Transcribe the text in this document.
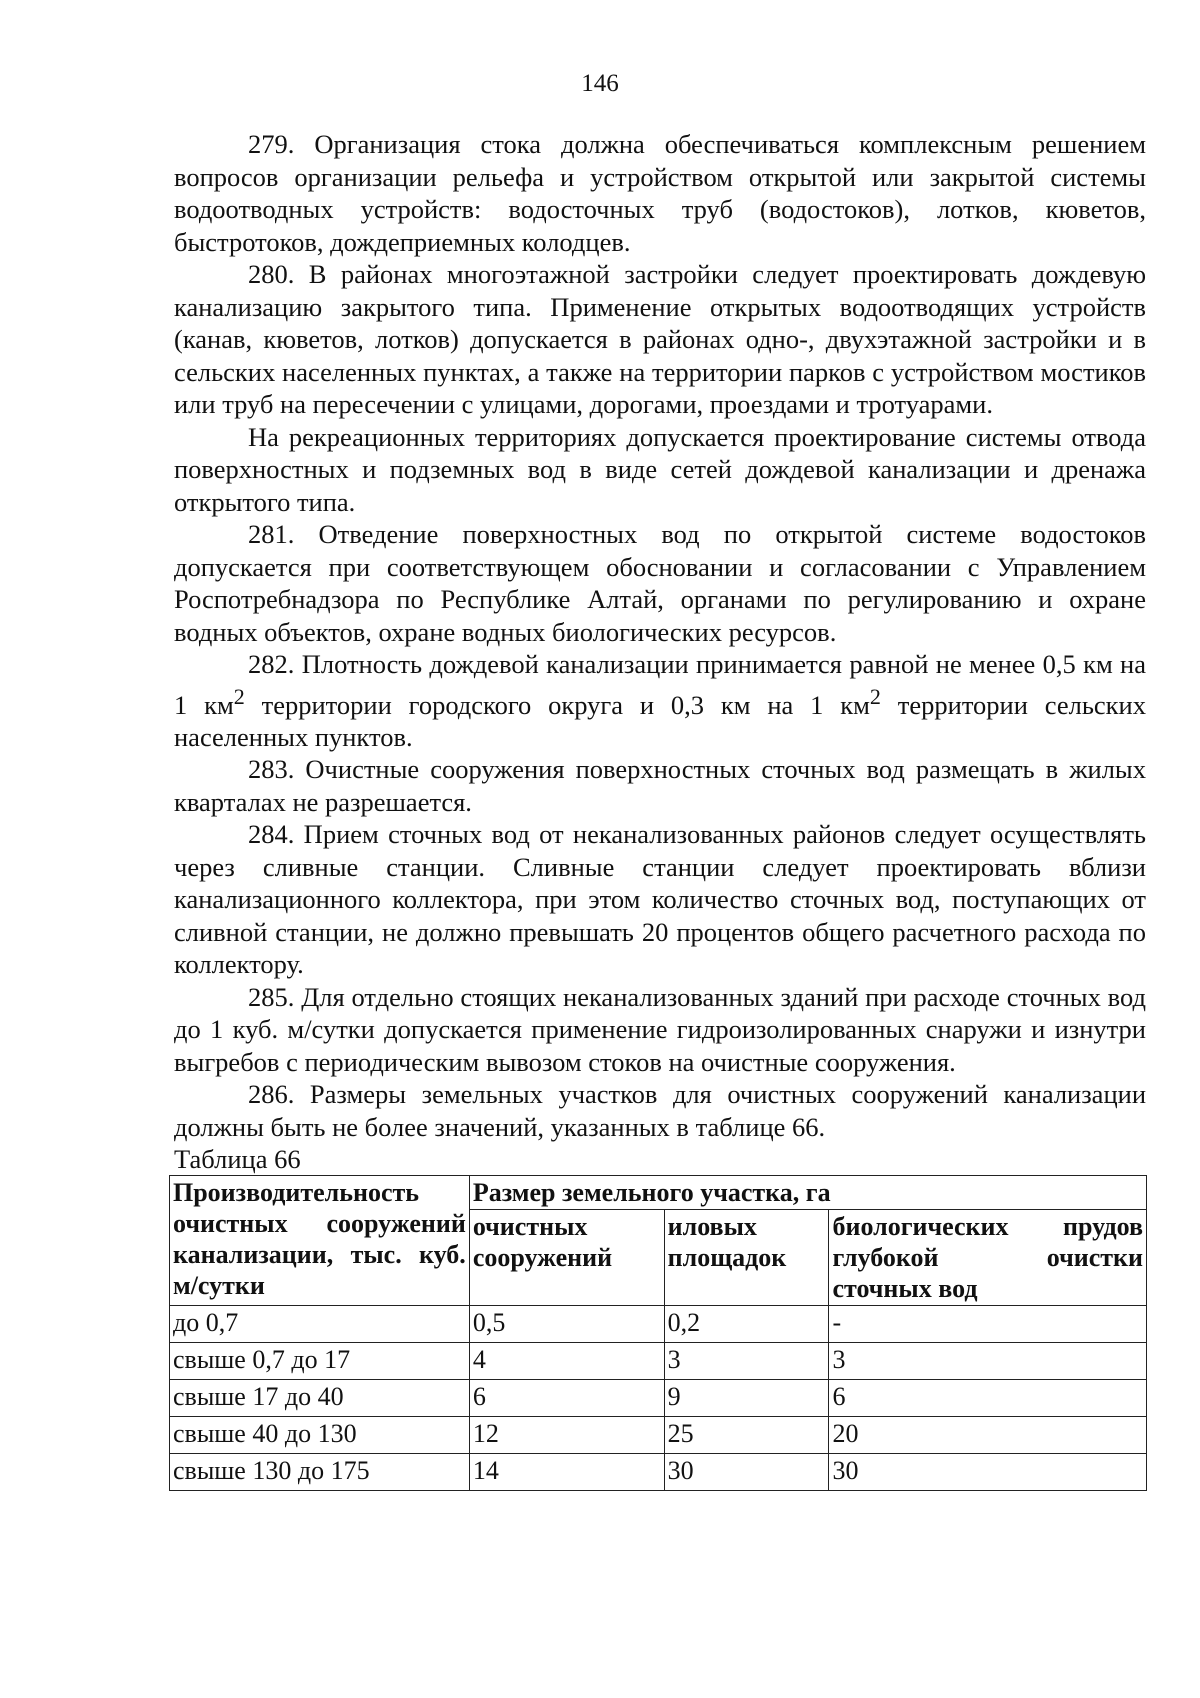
146

279. Организация стока должна обеспечиваться комплексным решением вопросов организации рельефа и устройством открытой или закрытой системы водоотводных устройств: водосточных труб (водостоков), лотков, кюветов, быстротоков, дождеприемных колодцев.

280. В районах многоэтажной застройки следует проектировать дождевую канализацию закрытого типа. Применение открытых водоотводящих устройств (канав, кюветов, лотков) допускается в районах одно-, двухэтажной застройки и в сельских населенных пунктах, а также на территории парков с устройством мостиков или труб на пересечении с улицами, дорогами, проездами и тротуарами.

На рекреационных территориях допускается проектирование системы отвода поверхностных и подземных вод в виде сетей дождевой канализации и дренажа открытого типа.

281. Отведение поверхностных вод по открытой системе водостоков допускается при соответствующем обосновании и согласовании с Управлением Роспотребнадзора по Республике Алтай, органами по регулированию и охране водных объектов, охране водных биологических ресурсов.

282. Плотность дождевой канализации принимается равной не менее 0,5 км на 1 $км^2$ территории городского округа и 0,3 км на 1 $км^2$ территории сельских населенных пунктов.

283. Очистные сооружения поверхностных сточных вод размещать в жилых кварталах не разрешается.

284. Прием сточных вод от неканализованных районов следует осуществлять через сливные станции. Сливные станции следует проектировать вблизи канализационного коллектора, при этом количество сточных вод, поступающих от сливной станции, не должно превышать 20 процентов общего расчетного расхода по коллектору.

285. Для отдельно стоящих неканализованных зданий при расходе сточных вод до 1 куб. м/сутки допускается применение гидроизолированных снаружи и изнутри выгребов с периодическим вывозом стоков на очистные сооружения.

286. Размеры земельных участков для очистных сооружений канализации должны быть не более значений, указанных в таблице 66.

Таблица 66

Производительность очистных сооружений канализации, тыс. куб. м/сутки	Размер земельного участка, га		
	очистных сооружений	иловых площадок	биологических прудов глубокой очистки сточных вод
до 0,7	0,5	0,2	-
свыше 0,7 до 17	4	3	3
свыше 17 до 40	6	9	6
свыше 40 до 130	12	25	20
свыше 130 до 175	14	30	30
